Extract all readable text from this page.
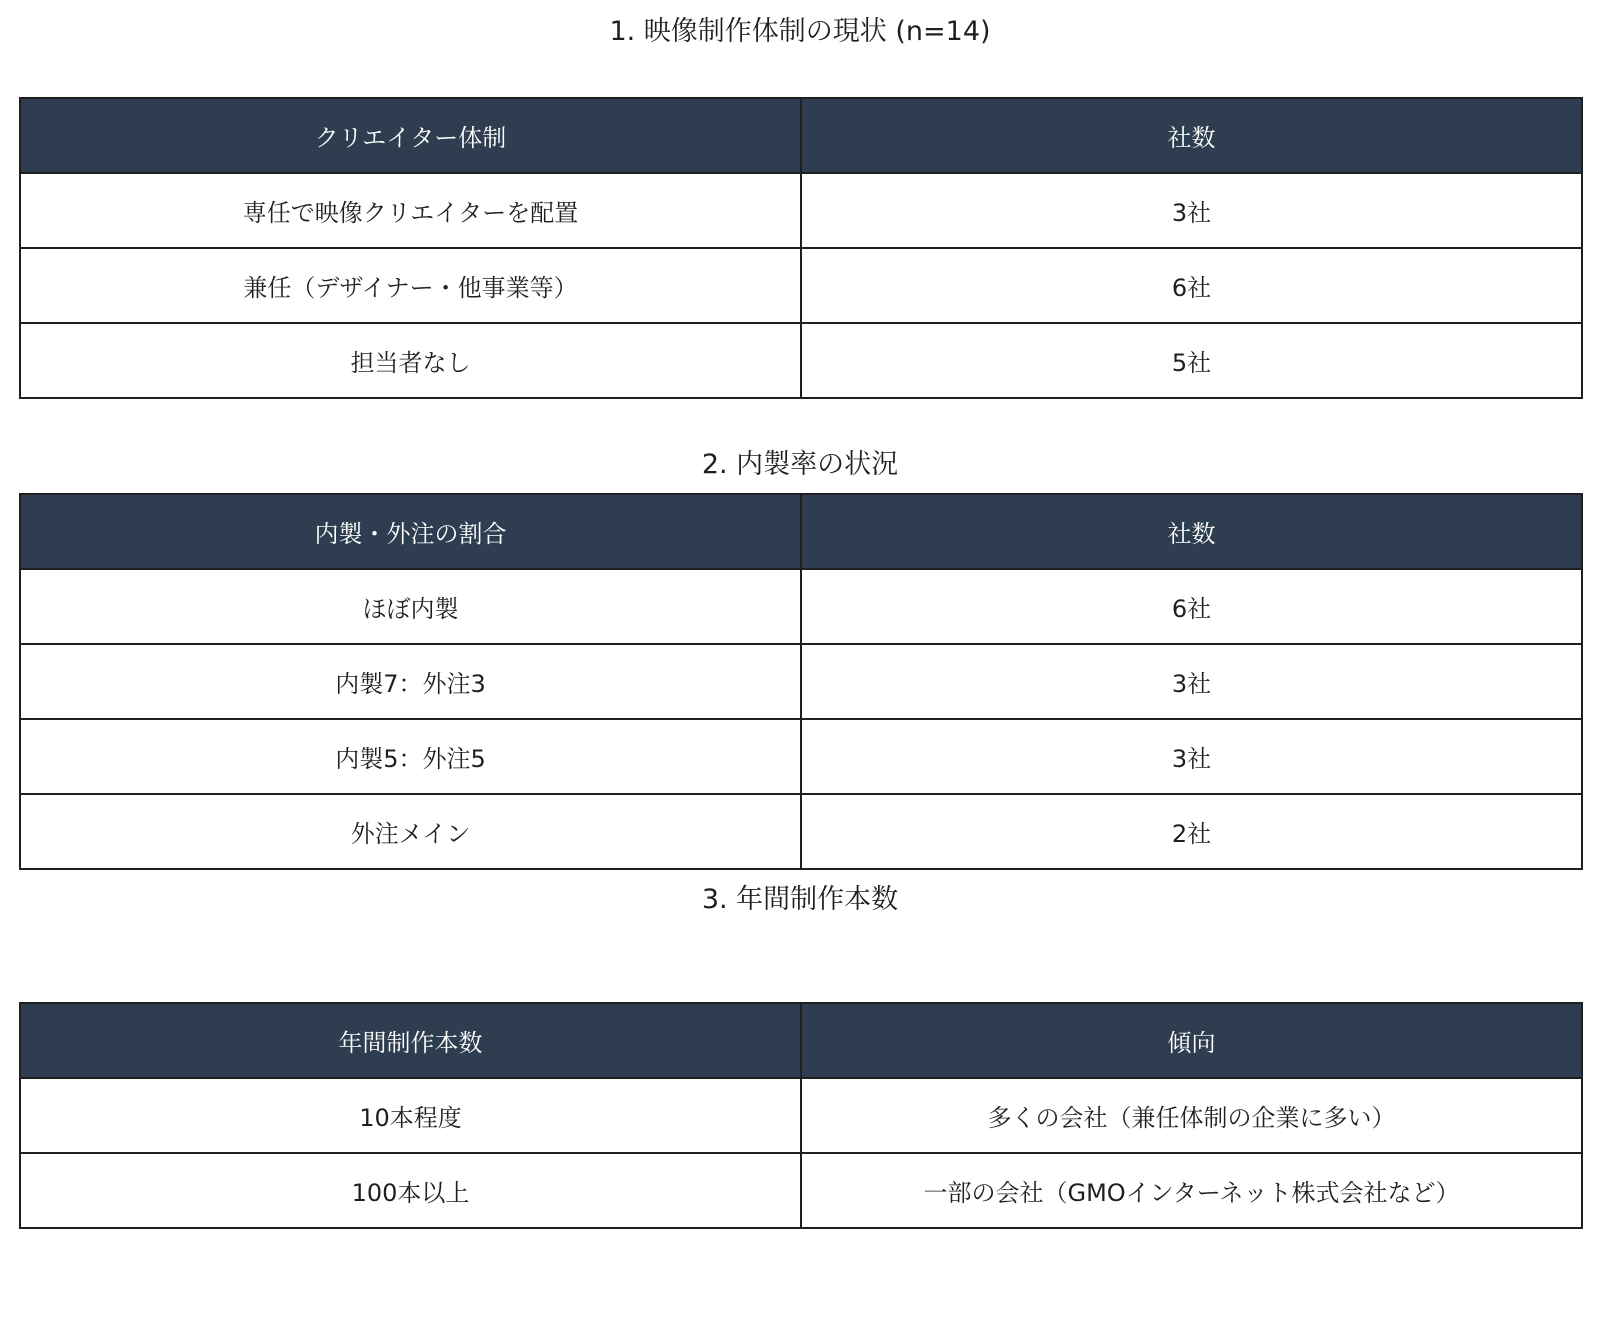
1. 映像制作体制の現状 (n=14)
クリエイター体制	社数
専任で映像クリエイターを配置	3社
兼任（デザイナー・他事業等）	6社
担当者なし	5社
2. 内製率の状況
内製・外注の割合	社数
ほぼ内製	6社
内製7：外注3	3社
内製5：外注5	3社
外注メイン	2社
3. 年間制作本数
年間制作本数	傾向
10本程度	多くの会社（兼任体制の企業に多い）
100本以上	一部の会社（GMOインターネット株式会社など）
